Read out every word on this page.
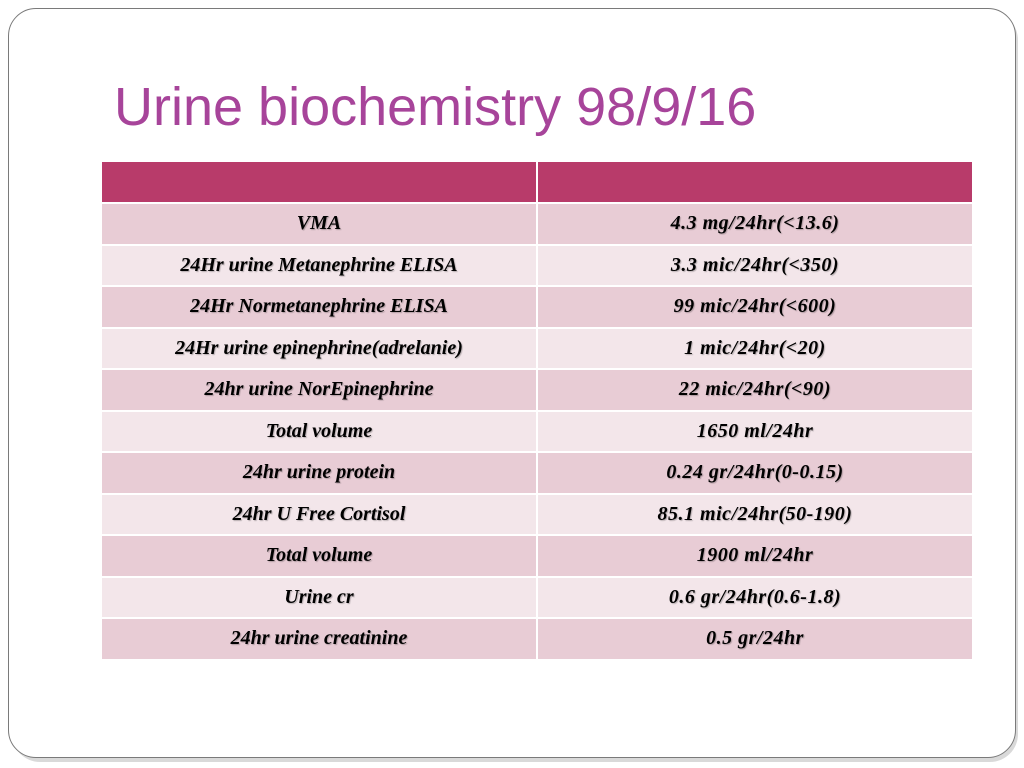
Urine biochemistry 98/9/16

VMA	4.3 mg/24hr(<13.6)
24Hr urine Metanephrine ELISA	3.3 mic/24hr(<350)
24Hr Normetanephrine ELISA	99 mic/24hr(<600)
24Hr urine epinephrine(adrelanie)	1 mic/24hr(<20)
24hr urine NorEpinephrine	22 mic/24hr(<90)
Total volume	1650 ml/24hr
24hr urine protein	0.24 gr/24hr(0-0.15)
24hr U Free Cortisol	85.1 mic/24hr(50-190)
Total volume	1900 ml/24hr
Urine cr	0.6 gr/24hr(0.6-1.8)
24hr urine creatinine	0.5 gr/24hr
